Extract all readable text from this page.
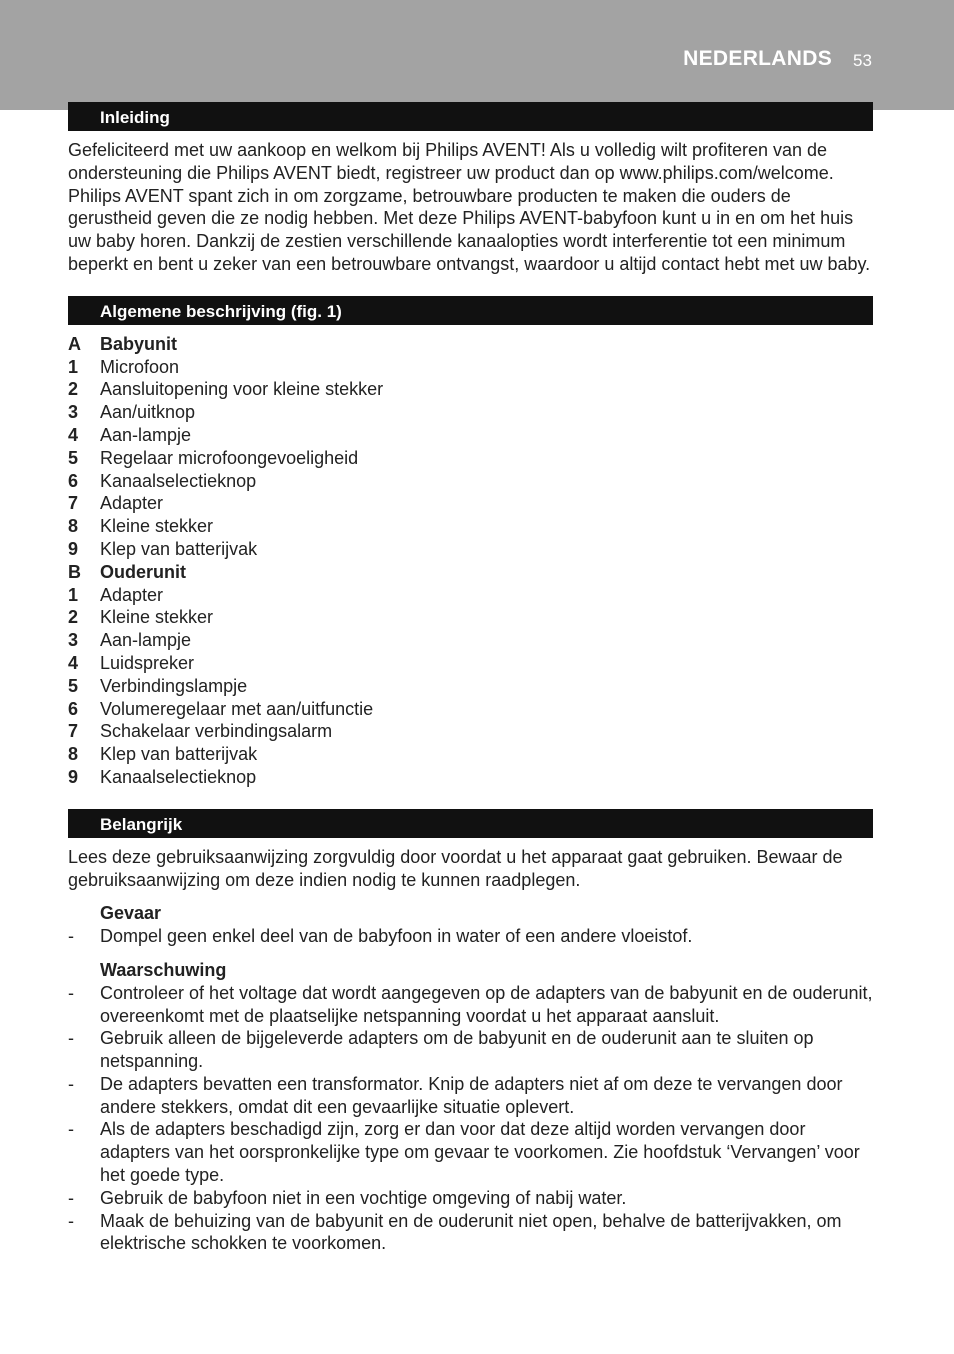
NEDERLANDS 53
Inleiding

Gefeliciteerd met uw aankoop en welkom bij Philips AVENT! Als u volledig wilt profiteren van de ondersteuning die Philips AVENT biedt, registreer uw product dan op www.philips.com/welcome. Philips AVENT spant zich in om zorgzame, betrouwbare producten te maken die ouders de gerustheid geven die ze nodig hebben. Met deze Philips AVENT-babyfoon kunt u in en om het huis uw baby horen. Dankzij de zestien verschillende kanaalopties wordt interferentie tot een minimum beperkt en bent u zeker van een betrouwbare ontvangst, waardoor u altijd contact hebt met uw baby.

Algemene beschrijving (fig. 1)
A	Babyunit
1	Microfoon
2	Aansluitopening voor kleine stekker
3	Aan/uitknop
4	Aan-lampje
5	Regelaar microfoongevoeligheid
6	Kanaalselectieknop
7	Adapter
8	Kleine stekker
9	Klep van batterijvak
B	Ouderunit
1	Adapter
2	Kleine stekker
3	Aan-lampje
4	Luidspreker
5	Verbindingslampje
6	Volumeregelaar met aan/uitfunctie
7	Schakelaar verbindingsalarm
8	Klep van batterijvak
9	Kanaalselectieknop
Belangrijk

Lees deze gebruiksaanwijzing zorgvuldig door voordat u het apparaat gaat gebruiken. Bewaar de gebruiksaanwijzing om deze indien nodig te kunnen raadplegen.

Gevaar
-	Dompel geen enkel deel van de babyfoon in water of een andere vloeistof.
Waarschuwing
-	Controleer of het voltage dat wordt aangegeven op de adapters van de babyunit en de ouderunit, overeenkomt met de plaatselijke netspanning voordat u het apparaat aansluit.
-	Gebruik alleen de bijgeleverde adapters om de babyunit en de ouderunit aan te sluiten op netspanning.
-	De adapters bevatten een transformator. Knip de adapters niet af om deze te vervangen door andere stekkers, omdat dit een gevaarlijke situatie oplevert.
-	Als de adapters beschadigd zijn, zorg er dan voor dat deze altijd worden vervangen door adapters van het oorspronkelijke type om gevaar te voorkomen. Zie hoofdstuk ‘Vervangen’ voor het goede type.
-	Gebruik de babyfoon niet in een vochtige omgeving of nabij water.
-	Maak de behuizing van de babyunit en de ouderunit niet open, behalve de batterijvakken, om elektrische schokken te voorkomen.
